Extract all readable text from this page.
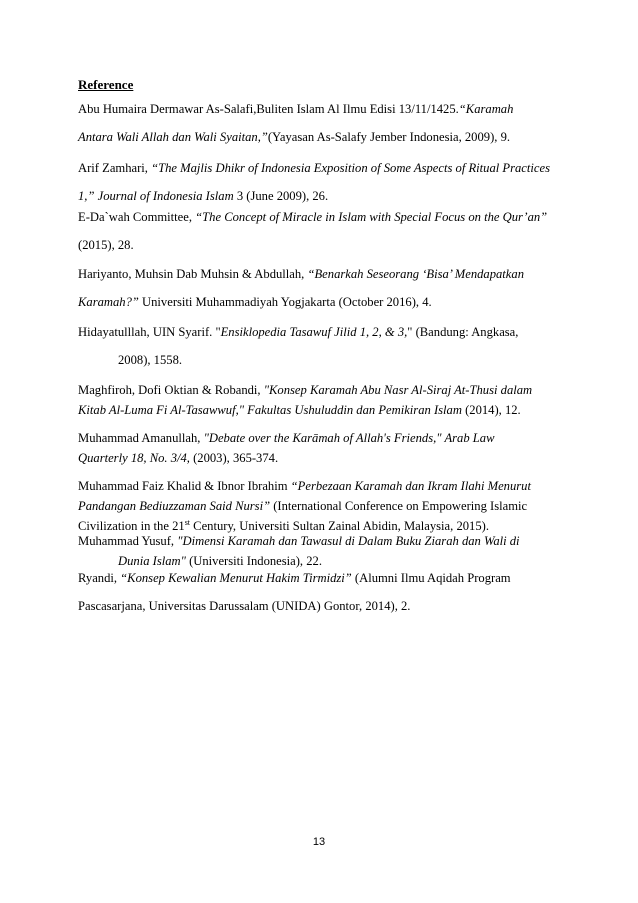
Reference

Abu Humaira Dermawar As-Salafi,Buliten Islam Al Ilmu Edisi 13/11/1425.“Karamah
Antara Wali Allah dan Wali Syaitan,”(Yayasan As-Salafy Jember Indonesia, 2009), 9.

Arif Zamhari, “The Majlis Dhikr of Indonesia Exposition of Some Aspects of Ritual Practices
1,” Journal of Indonesia Islam 3 (June 2009), 26.

E-Da`wah Committee, “The Concept of Miracle in Islam with Special Focus on the Qur’an”
(2015), 28.

Hariyanto, Muhsin Dab Muhsin & Abdullah, “Benarkah Seseorang ‘Bisa’ Mendapatkan
Karamah?” Universiti Muhammadiyah Yogjakarta (October 2016), 4.

Hidayatulllah, UIN Syarif. "Ensiklopedia Tasawuf Jilid 1, 2, & 3," (Bandung: Angkasa,
2008), 1558.

Maghfiroh, Dofi Oktian & Robandi, "Konsep Karamah Abu Nasr Al-Siraj At-Thusi dalam
Kitab Al-Luma Fi Al-Tasawwuf," Fakultas Ushuluddin dan Pemikiran Islam (2014), 12.

Muhammad Amanullah, "Debate over the Karāmah of Allah's Friends," Arab Law
Quarterly 18, No. 3/4, (2003), 365-374.

Muhammad Faiz Khalid & Ibnor Ibrahim “Perbezaan Karamah dan Ikram Ilahi Menurut
Pandangan Bediuzzaman Said Nursi” (International Conference on Empowering Islamic
Civilization in the 21st Century, Universiti Sultan Zainal Abidin, Malaysia, 2015).

Muhammad Yusuf, "Dimensi Karamah dan Tawasul di Dalam Buku Ziarah dan Wali di
Dunia Islam" (Universiti Indonesia), 22.

Ryandi, “Konsep Kewalian Menurut Hakim Tirmidzi” (Alumni Ilmu Aqidah Program
Pascasarjana, Universitas Darussalam (UNIDA) Gontor, 2014), 2.

13
